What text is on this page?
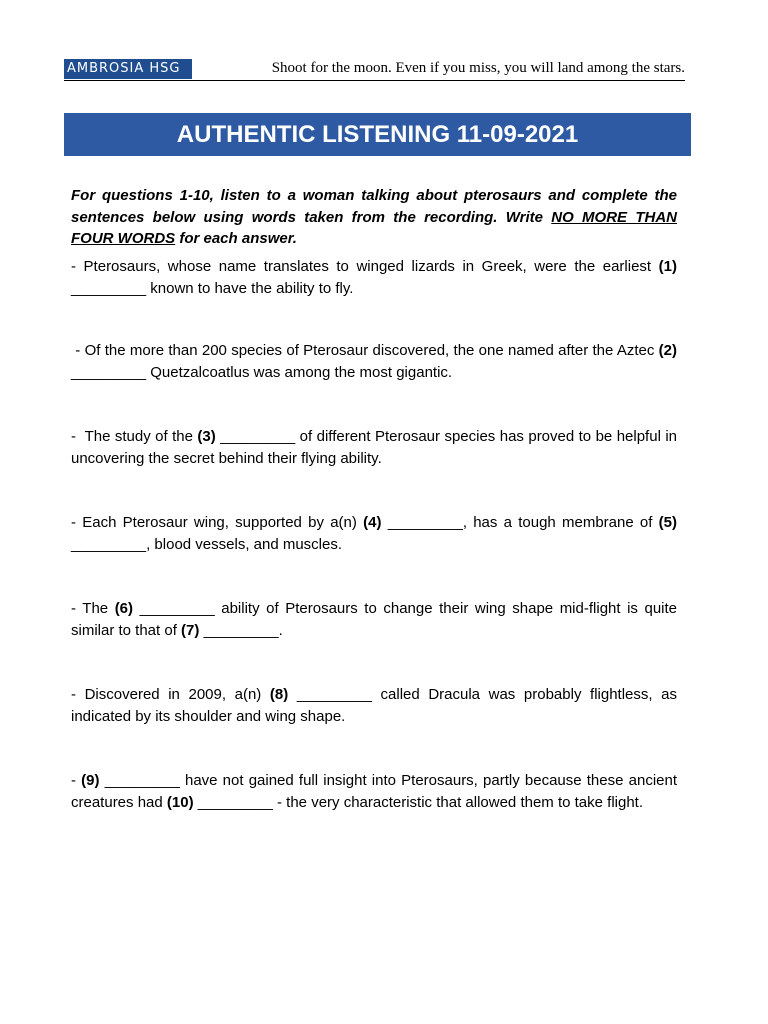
AMBROSIA HSG	Shoot for the moon. Even if you miss, you will land among the stars.
AUTHENTIC LISTENING 11-09-2021

For questions 1-10, listen to a woman talking about pterosaurs and complete the sentences below using words taken from the recording. Write NO MORE THAN FOUR WORDS for each answer.

- Pterosaurs, whose name translates to winged lizards in Greek, were the earliest (1) _________ known to have the ability to fly.

- Of the more than 200 species of Pterosaur discovered, the one named after the Aztec (2) _________ Quetzalcoatlus was among the most gigantic.

-  The study of the (3) _________ of different Pterosaur species has proved to be helpful in uncovering the secret behind their flying ability.

- Each Pterosaur wing, supported by a(n) (4) _________, has a tough membrane of (5) _________, blood vessels, and muscles.

- The (6) _________ ability of Pterosaurs to change their wing shape mid-flight is quite similar to that of (7) _________.

- Discovered in 2009, a(n) (8) _________ called Dracula was probably flightless, as indicated by its shoulder and wing shape.

- (9) _________ have not gained full insight into Pterosaurs, partly because these ancient creatures had (10) _________ - the very characteristic that allowed them to take flight.
